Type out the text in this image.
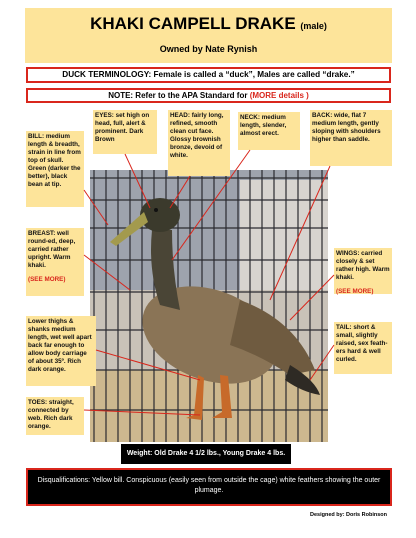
KHAKI CAMPELL DRAKE (male)
Owned by Nate Rynish
DUCK TERMINOLOGY: Female is called a “duck”, Males are called “drake.”
NOTE: Refer to the APA Standard for (MORE details )
BILL: medium length & breadth, strain in line from top of skull. Green (darker the better), black bean at tip.
EYES: set high on head, full, alert & prominent. Dark Brown
HEAD: fairly long, refined, smooth clean cut face. Glossy brownish bronze, devoid of white.
NECK: medium length, slender, almost erect.
BACK: wide, flat 7 medium length, gently sloping with shoulders higher than saddle.
BREAST: well round-ed, deep, carried rather upright. Warm khaki.
(SEE MORE)
WINGS: carried closely & set rather high. Warm khaki.
(SEE MORE)
Lower thighs & shanks medium length, wet well apart back far enough to allow body carriage of about 35º. Rich dark orange.
TOES: straight, connected by web. Rich dark orange.
TAIL: short & small, slightly raised, sex feath-ers hard & well curled.
Weight: Old Drake 4 1/2 lbs., Young Drake 4 lbs.
Disqualifications: Yellow bill. Conspicuous (easily seen from outside the cage) white feathers showing the outer plumage.
Designed by: Doris Robinson
